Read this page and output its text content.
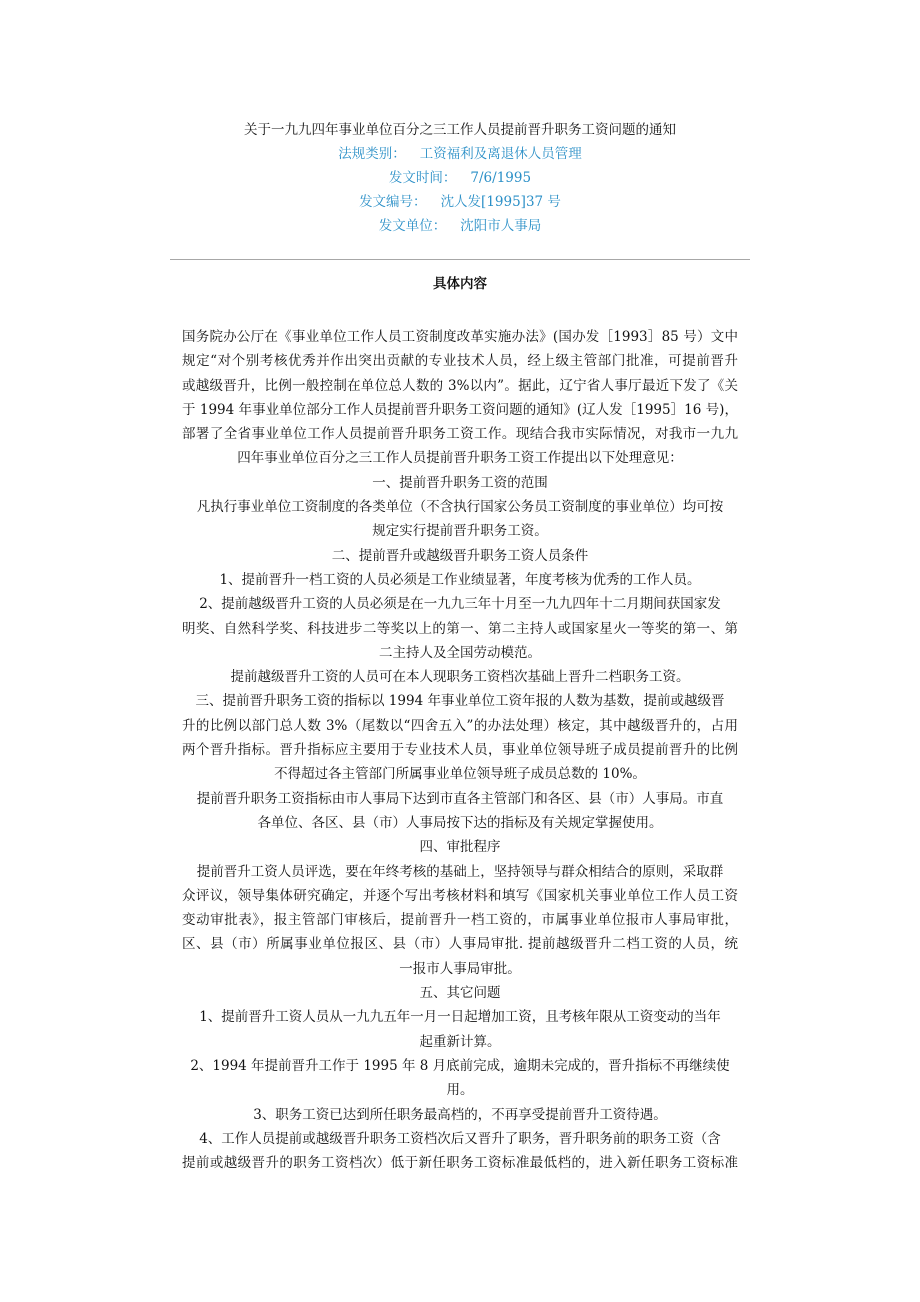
关于一九九四年事业单位百分之三工作人员提前晋升职务工资问题的通知
法规类别： 工资福利及离退休人员管理
发文时间： 7/6/1995
发文编号： 沈人发[1995]37 号
发文单位： 沈阳市人事局
具体内容
国务院办公厅在《事业单位工作人员工资制度改革实施办法》(国办发［1993］85 号）文中
规定“对个别考核优秀并作出突出贡献的专业技术人员，经上级主管部门批准，可提前晋升
或越级晋升，比例一般控制在单位总人数的 3%以内”。据此，辽宁省人事厅最近下发了《关
于 1994 年事业单位部分工作人员提前晋升职务工资问题的通知》(辽人发［1995］16 号)，
部署了全省事业单位工作人员提前晋升职务工资工作。现结合我市实际情况，对我市一九九
四年事业单位百分之三工作人员提前晋升职务工资工作提出以下处理意见：
一、提前晋升职务工资的范围
凡执行事业单位工资制度的各类单位（不含执行国家公务员工资制度的事业单位）均可按
规定实行提前晋升职务工资。
二、提前晋升或越级晋升职务工资人员条件
1、提前晋升一档工资的人员必须是工作业绩显著，年度考核为优秀的工作人员。
2、提前越级晋升工资的人员必须是在一九九三年十月至一九九四年十二月期间获国家发
明奖、自然科学奖、科技进步二等奖以上的第一、第二主持人或国家星火一等奖的第一、第
二主持人及全国劳动模范。
提前越级晋升工资的人员可在本人现职务工资档次基础上晋升二档职务工资。
三、提前晋升职务工资的指标以 1994 年事业单位工资年报的人数为基数，提前或越级晋
升的比例以部门总人数 3%（尾数以“四舍五入”的办法处理）核定，其中越级晋升的，占用
两个晋升指标。晋升指标应主要用于专业技术人员，事业单位领导班子成员提前晋升的比例
不得超过各主管部门所属事业单位领导班子成员总数的 10%。
提前晋升职务工资指标由市人事局下达到市直各主管部门和各区、县（市）人事局。市直
各单位、各区、县（市）人事局按下达的指标及有关规定掌握使用。
四、审批程序
提前晋升工资人员评选，要在年终考核的基础上，坚持领导与群众相结合的原则，采取群
众评议，领导集体研究确定，并逐个写出考核材料和填写《国家机关事业单位工作人员工资
变动审批表》，报主管部门审核后，提前晋升一档工资的，市属事业单位报市人事局审批，
区、县（市）所属事业单位报区、县（市）人事局审批. 提前越级晋升二档工资的人员，统
一报市人事局审批。
五、其它问题
1、提前晋升工资人员从一九九五年一月一日起增加工资，且考核年限从工资变动的当年
起重新计算。
2、1994 年提前晋升工作于 1995 年 8 月底前完成，逾期未完成的，晋升指标不再继续使
用。
3、职务工资已达到所任职务最高档的，不再享受提前晋升工资待遇。
4、工作人员提前或越级晋升职务工资档次后又晋升了职务，晋升职务前的职务工资（含
提前或越级晋升的职务工资档次）低于新任职务工资标准最低档的，进入新任职务工资标准
